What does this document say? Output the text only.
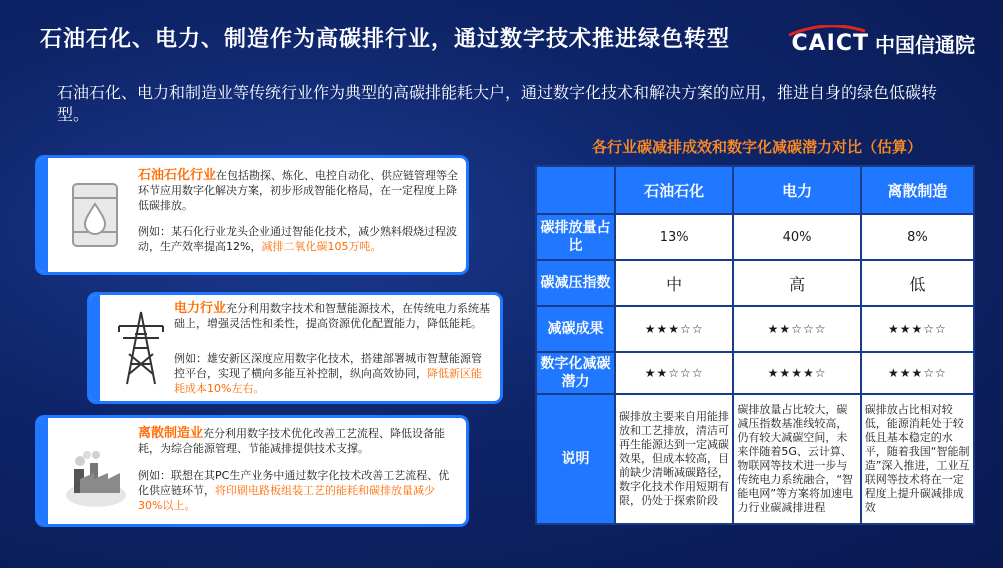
石油石化、电力、制造作为高碳排行业，通过数字技术推进绿色转型	CAICT 中国信通院
石油石化、电力和制造业等传统行业作为典型的高碳排能耗大户，通过数字化技术和解决方案的应用，推进自身的绿色低碳转型。
石油石化行业在包括勘探、炼化、电控自动化、供应链管理等全环节应用数字化解决方案，初步形成智能化格局，在一定程度上降低碳排放。
例如：某石化行业龙头企业通过智能化技术，减少熟料煅烧过程波动，生产效率提高12%，减排二氧化碳105万吨。
电力行业充分利用数字技术和智慧能源技术，在传统电力系统基础上，增强灵活性和柔性，提高资源优化配置能力，降低能耗。
例如：雄安新区深度应用数字化技术，搭建部署城市智慧能源管控平台，实现了横向多能互补控制，纵向高效协同，降低新区能耗成本10%左右。
离散制造业充分利用数字技术优化改善工艺流程、降低设备能耗，为综合能源管理、节能减排提供技术支撑。
例如：联想在其PC生产业务中通过数字化技术改善工艺流程、优化供应链环节，将印刷电路板组装工艺的能耗和碳排放量减少30%以上。
各行业碳减排成效和数字化减碳潜力对比（估算）
	石油石化	电力	离散制造
碳排放量占比	13%	40%	8%
碳减压指数	中	高	低
减碳成果	★★★☆☆	★★☆☆☆	★★★☆☆
数字化减碳潜力	★★☆☆☆	★★★★☆	★★★☆☆
说明	碳排放主要来自用能排放和工艺排放，清洁可再生能源达到一定减碳效果，但成本较高，目前缺少清晰减碳路径，数字化技术作用短期有限，仍处于探索阶段	碳排放量占比较大，碳减压指数基准线较高，仍有较大减碳空间，未来伴随着5G、云计算、物联网等技术进一步与传统电力系统融合，“智能电网”等方案将加速电力行业碳减排进程	碳排放占比相对较低，能源消耗处于较低且基本稳定的水平，随着我国“智能制造”深入推进，工业互联网等技术将在一定程度上提升碳减排成效
